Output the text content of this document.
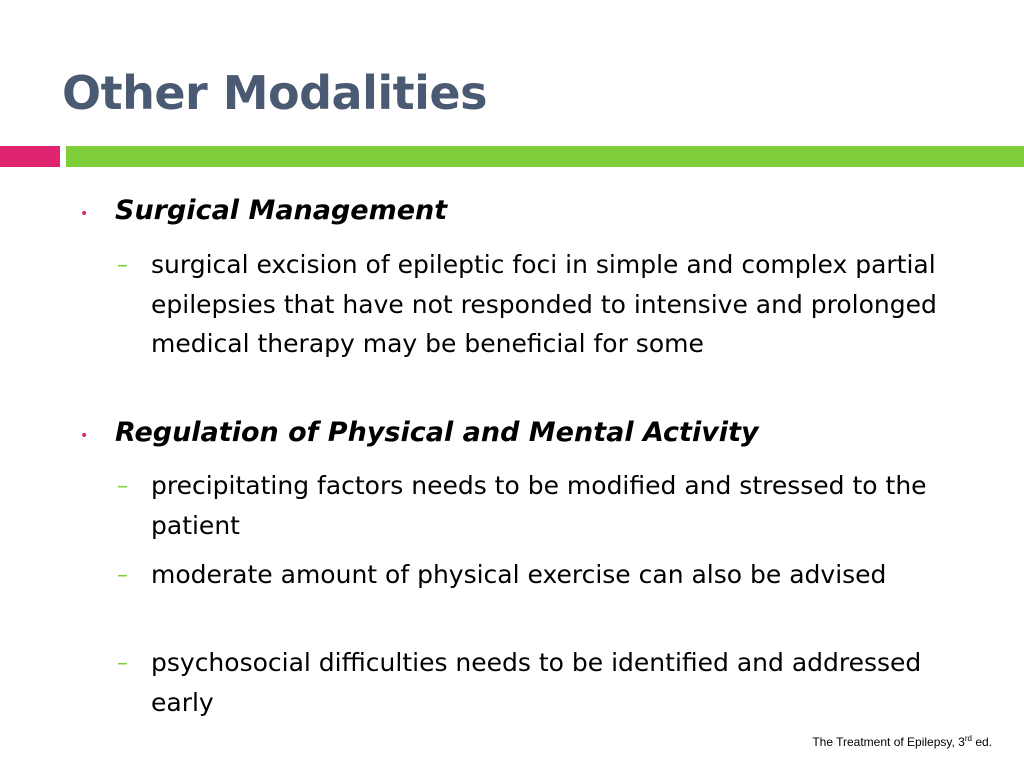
Other Modalities
• Surgical Management
– surgical excision of epileptic foci in simple and complex partial epilepsies that have not responded to intensive and prolonged medical therapy may be beneficial for some
• Regulation of Physical and Mental Activity
– precipitating factors needs to be modified and stressed to the patient
– moderate amount of physical exercise can also be advised
– psychosocial difficulties needs to be identified and addressed early
The Treatment of Epilepsy, 3rd ed.
